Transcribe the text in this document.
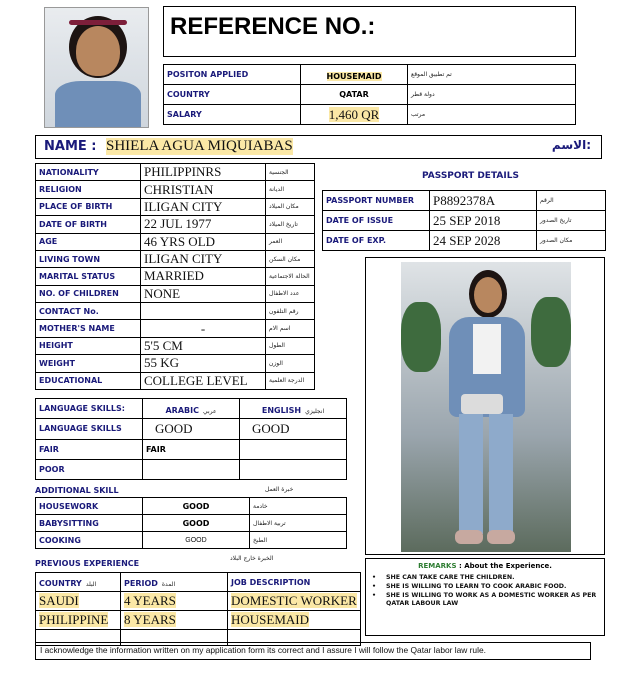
REFERENCE NO.:
POSITON APPLIED	HOUSEMAID	تم تطبيق الموقع
COUNTRY	QATAR	دولة قطر
SALARY	1,460 QR	مرتب
NAME : SHIELA AGUA MIQUIABAS	الاسم:
NATIONALITY	PHILIPPINRS	الجنسية
RELIGION	CHRISTIAN	الديانة
PLACE OF BIRTH	ILIGAN CITY	مكان الميلاد
DATE OF BIRTH	22 JUL 1977	تاريخ الميلاد
AGE	46 YRS OLD	العمر
LIVING TOWN	ILIGAN CITY	مكان السكن
MARITAL STATUS	MARRIED	الحالة الاجتماعية
NO. OF CHILDREN	NONE	عدد الاطفال
CONTACT No.		رقم التلفون
MOTHER'S NAME	-	اسم الام
HEIGHT	5'5 CM	الطول
WEIGHT	55 KG	الوزن
EDUCATIONAL	COLLEGE LEVEL	الدرجة العلمية
PASSPORT DETAILS
PASSPORT NUMBER	P8892378A	الرقم
DATE OF ISSUE	25 SEP 2018	تاريخ الصدور
DATE OF EXP.	24 SEP 2028	مكان الصدور
LANGUAGE SKILLS:	ARABIC عربي	ENGLISH انجليزي
LANGUAGE SKILLS	GOOD	GOOD
FAIR	FAIR	
POOR		
ADDITIONAL SKILL	خبرة العمل
HOUSEWORK	GOOD	خادمة
BABYSITTING	GOOD	تربية الاطفال
COOKING	GOOD	الطبخ
PREVIOUS EXPERIENCE
الخبرة خارج البلاد
COUNTRY البلد	PERIOD المدة	JOB DESCRIPTION
SAUDI	4 YEARS	DOMESTIC WORKER
PHILIPPINE	8 YEARS	HOUSEMAID

REMARKS : About the Experience.
•	SHE CAN TAKE CARE THE CHILDREN.
•	SHE IS WILLING TO LEARN TO COOK ARABIC FOOD.
•	SHE IS WILLING TO WORK AS A DOMESTIC WORKER AS PER QATAR LABOUR LAW
I acknowledge the information written on my application form its correct and I assure I will follow the Qatar labor law rule.
